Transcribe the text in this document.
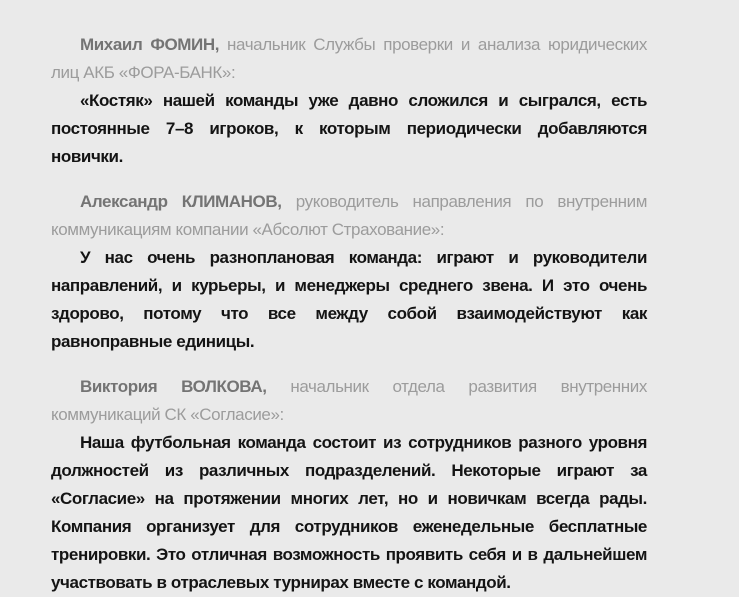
Михаил ФОМИН, начальник Службы проверки и анализа юридических лиц АКБ «ФОРА-БАНК»:

«Костяк» нашей команды уже давно сложился и сыгрался, есть постоянные 7–8 игроков, к которым периодически добавляются новички.

Александр КЛИМАНОВ, руководитель направления по внутренним коммуникациям компании «Абсолют Страхование»:

У нас очень разноплановая команда: играют и руководители направлений, и курьеры, и менеджеры среднего звена. И это очень здорово, потому что все между собой взаимодействуют как равноправные единицы.

Виктория ВОЛКОВА, начальник отдела развития внутренних коммуникаций СК «Согласие»:

Наша футбольная команда состоит из сотрудников разного уровня должностей из различных подразделений. Некоторые играют за «Согласие» на протяжении многих лет, но и новичкам всегда рады. Компания организует для сотрудников еженедельные бесплатные тренировки. Это отличная возможность проявить себя и в дальнейшем участвовать в отраслевых турнирах вместе с командой.
